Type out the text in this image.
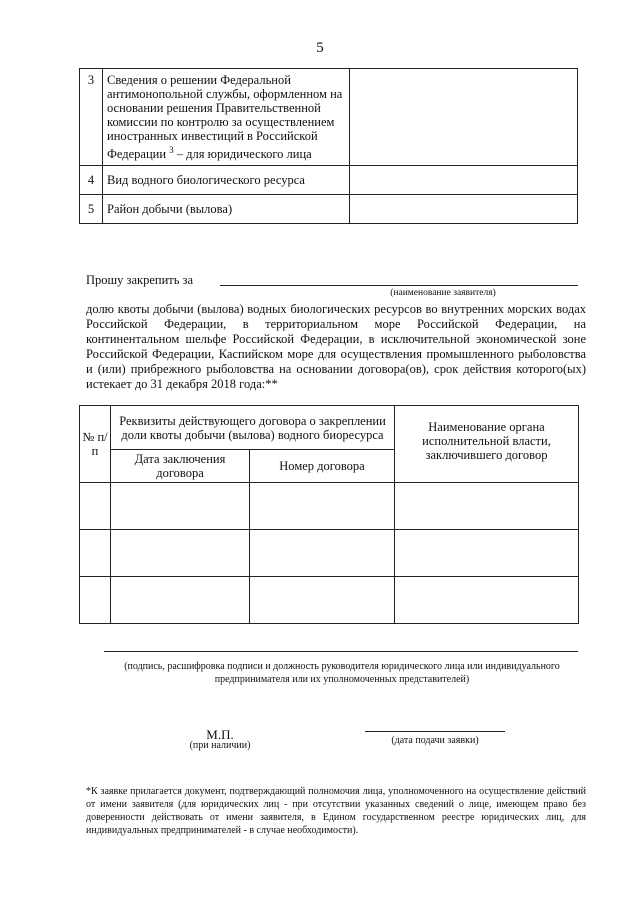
5
3	Сведения о решении Федеральной антимонопольной службы, оформленном на основании решения Правительственной комиссии по контролю за осуществлением иностранных инвестиций в Российской Федерации $^3$ – для юридического лица	
4	Вид водного биологического ресурса	
5	Район добычи (вылова)	
Прошу закрепить за
(наименование заявителя)
долю квоты добычи (вылова) водных биологических ресурсов во внутренних морских водах Российской Федерации, в территориальном море Российской Федерации, на континентальном шельфе Российской Федерации, в исключительной экономической зоне Российской Федерации, Каспийском море для осуществления промышленного рыболовства и (или) прибрежного рыболовства на основании договора(ов), срок действия которого(ых) истекает до 31 декабря 2018 года:**
№ п/п	Реквизиты действующего договора о закреплении доли квоты добычи (вылова) водного биоресурса		Наименование органа исполнительной власти, заключившего договор
	Дата заключения договора	Номер договора	

(подпись, расшифровка подписи и должность руководителя юридического лица или индивидуального предпринимателя или их уполномоченных представителей)
М.П.
(при наличии)	(дата подачи заявки)
*К заявке прилагается документ, подтверждающий полномочия лица, уполномоченного на осуществление действий от имени заявителя (для юридических лиц - при отсутствии указанных сведений о лице, имеющем право без доверенности действовать от имени заявителя, в Едином государственном реестре юридических лиц, для индивидуальных предпринимателей - в случае необходимости).
